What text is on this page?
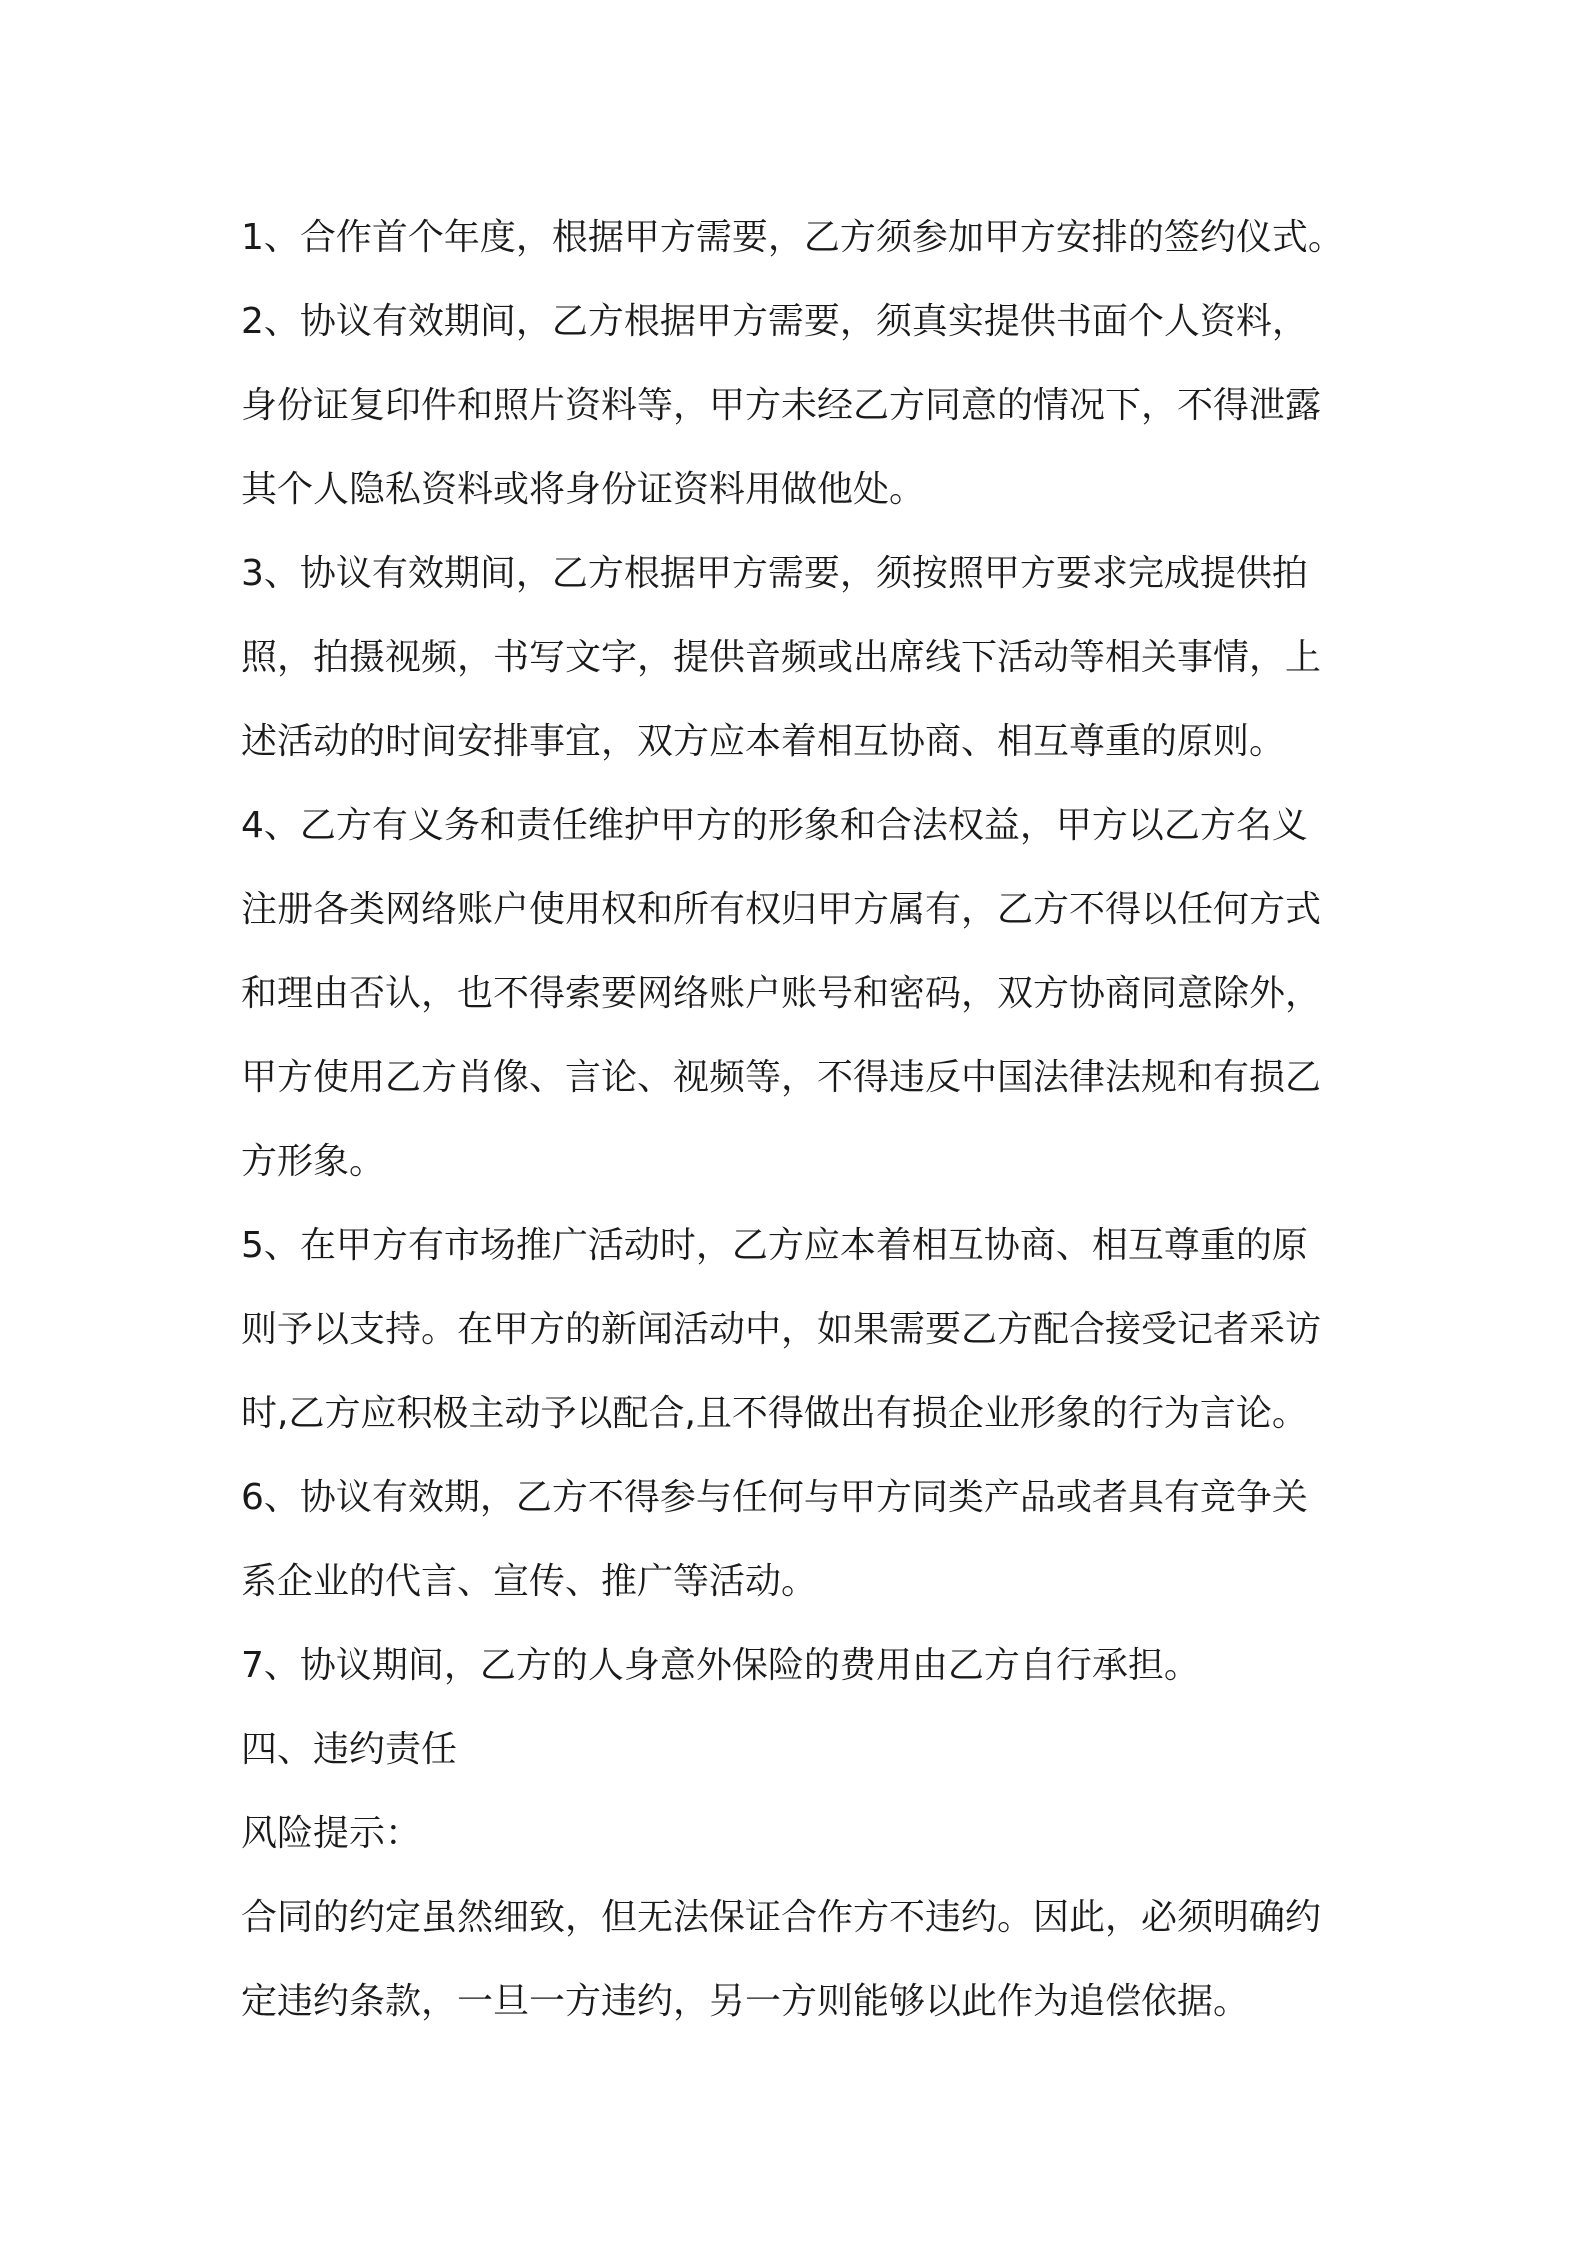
1、合作首个年度，根据甲方需要，乙方须参加甲方安排的签约仪式。
2、协议有效期间，乙方根据甲方需要，须真实提供书面个人资料，
身份证复印件和照片资料等，甲方未经乙方同意的情况下，不得泄露
其个人隐私资料或将身份证资料用做他处。
3、协议有效期间，乙方根据甲方需要，须按照甲方要求完成提供拍
照，拍摄视频，书写文字，提供音频或出席线下活动等相关事情，上
述活动的时间安排事宜，双方应本着相互协商、相互尊重的原则。
4、乙方有义务和责任维护甲方的形象和合法权益，甲方以乙方名义
注册各类网络账户使用权和所有权归甲方属有，乙方不得以任何方式
和理由否认，也不得索要网络账户账号和密码，双方协商同意除外，
甲方使用乙方肖像、言论、视频等，不得违反中国法律法规和有损乙
方形象。
5、在甲方有市场推广活动时，乙方应本着相互协商、相互尊重的原
则予以支持。在甲方的新闻活动中，如果需要乙方配合接受记者采访
时,乙方应积极主动予以配合,且不得做出有损企业形象的行为言论。
6、协议有效期，乙方不得参与任何与甲方同类产品或者具有竞争关
系企业的代言、宣传、推广等活动。
7、协议期间，乙方的人身意外保险的费用由乙方自行承担。
四、违约责任
风险提示：
合同的约定虽然细致，但无法保证合作方不违约。因此，必须明确约
定违约条款，一旦一方违约，另一方则能够以此作为追偿依据。
